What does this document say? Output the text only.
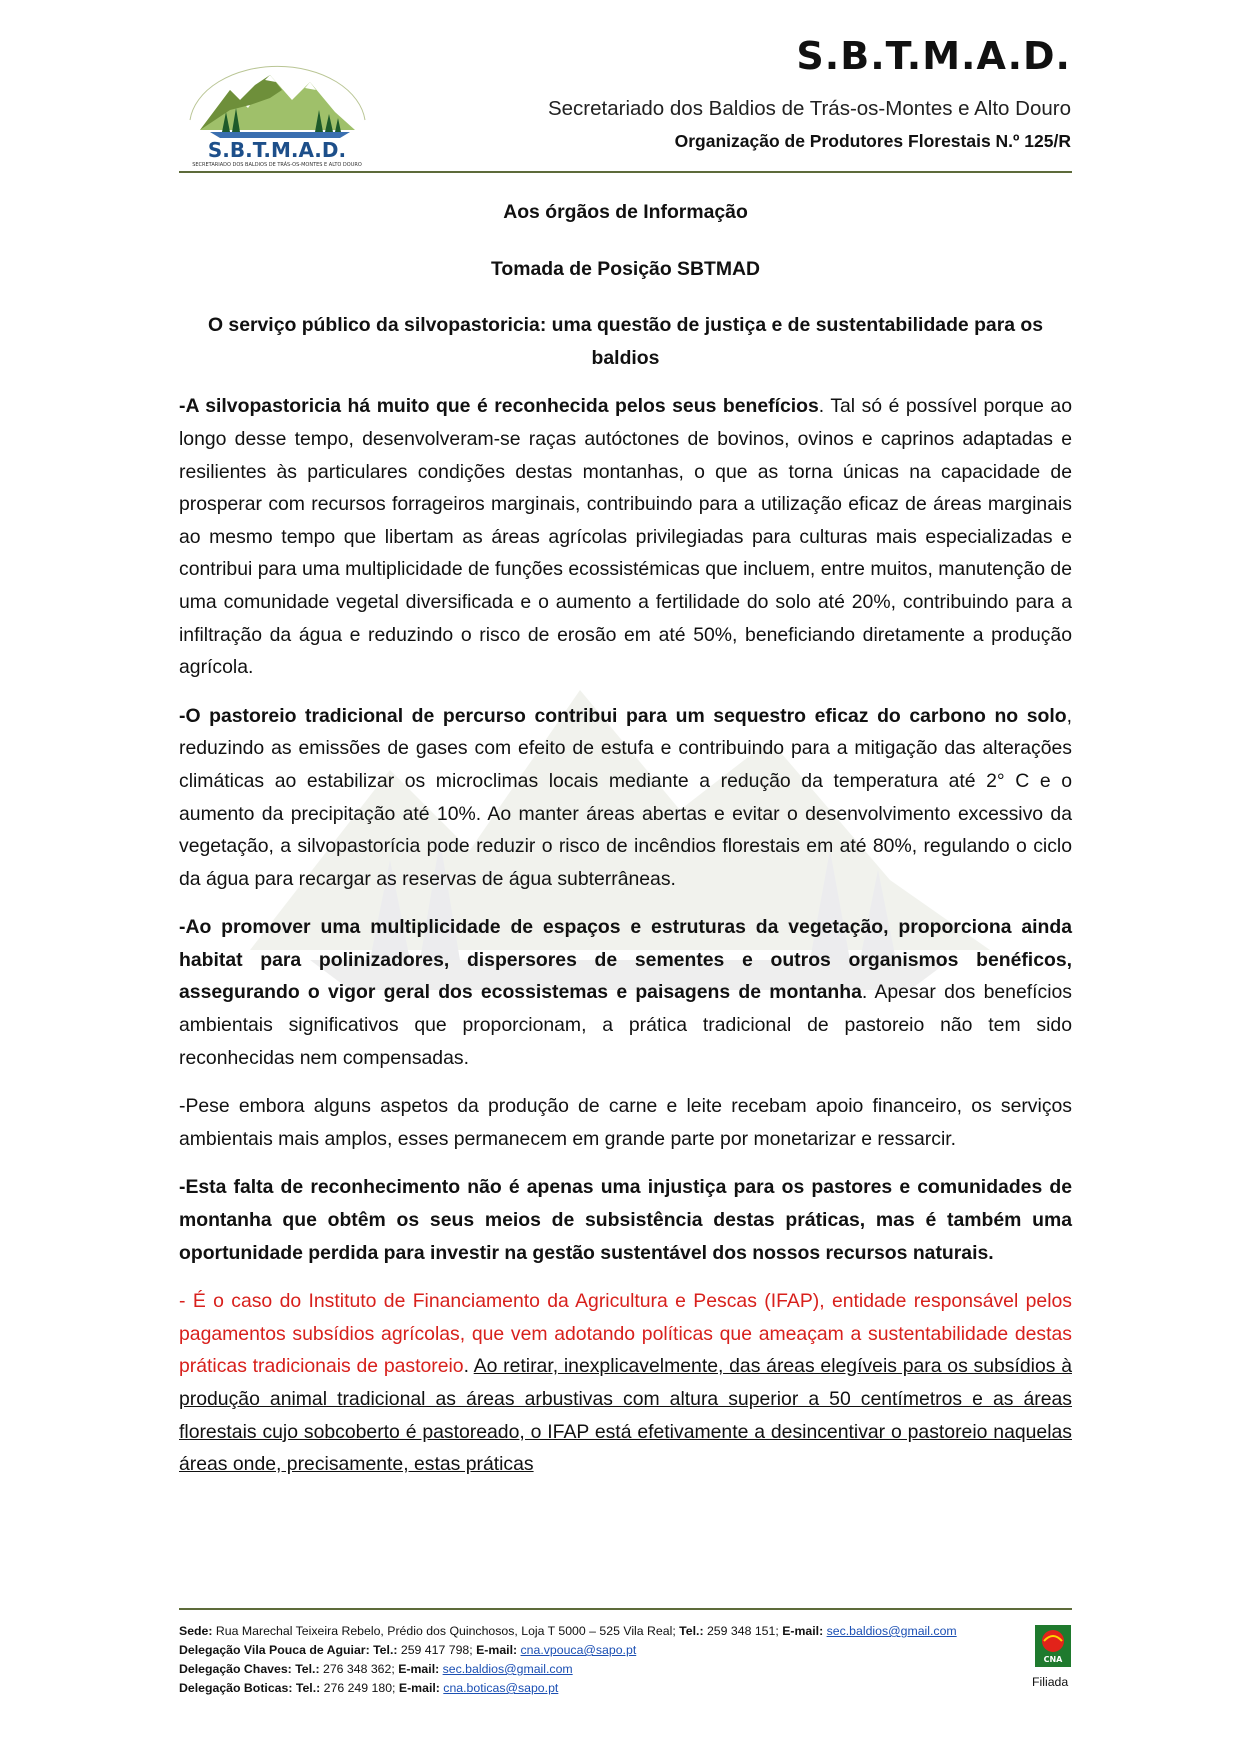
S.B.T.M.A.D.
SECRETARIADO DOS BALDIOS DE TRÁS-OS-MONTES E ALTO DOURO
S.B.T.M.A.D.

Secretariado dos Baldios de Trás-os-Montes e Alto Douro

Organização de Produtores Florestais N.º 125/R

Aos órgãos de Informação

Tomada de Posição SBTMAD

O serviço público da silvopastoricia: uma questão de justiça e de sustentabilidade para os baldios

-A silvopastoricia há muito que é reconhecida pelos seus benefícios. Tal só é possível porque ao longo desse tempo, desenvolveram-se raças autóctones de bovinos, ovinos e caprinos adaptadas e resilientes às particulares condições destas montanhas, o que as torna únicas na capacidade de prosperar com recursos forrageiros marginais, contribuindo para a utilização eficaz de áreas marginais ao mesmo tempo que libertam as áreas agrícolas privilegiadas para culturas mais especializadas e contribui para uma multiplicidade de funções ecossistémicas que incluem, entre muitos, manutenção de uma comunidade vegetal diversificada e o aumento a fertilidade do solo até 20%, contribuindo para a infiltração da água e reduzindo o risco de erosão em até 50%, beneficiando diretamente a produção agrícola.

-O pastoreio tradicional de percurso contribui para um sequestro eficaz do carbono no solo, reduzindo as emissões de gases com efeito de estufa e contribuindo para a mitigação das alterações climáticas ao estabilizar os microclimas locais mediante a redução da temperatura até 2° C e o aumento da precipitação até 10%. Ao manter áreas abertas e evitar o desenvolvimento excessivo da vegetação, a silvopastorícia pode reduzir o risco de incêndios florestais em até 80%, regulando o ciclo da água para recargar as reservas de água subterrâneas.

-Ao promover uma multiplicidade de espaços e estruturas da vegetação, proporciona ainda habitat para polinizadores, dispersores de sementes e outros organismos benéficos, assegurando o vigor geral dos ecossistemas e paisagens de montanha. Apesar dos benefícios ambientais significativos que proporcionam, a prática tradicional de pastoreio não tem sido reconhecidas nem compensadas.

-Pese embora alguns aspetos da produção de carne e leite recebam apoio financeiro, os serviços ambientais mais amplos, esses permanecem em grande parte por monetarizar e ressarcir.

-Esta falta de reconhecimento não é apenas uma injustiça para os pastores e comunidades de montanha que obtêm os seus meios de subsistência destas práticas, mas é também uma oportunidade perdida para investir na gestão sustentável dos nossos recursos naturais.

- É o caso do Instituto de Financiamento da Agricultura e Pescas (IFAP), entidade responsável pelos pagamentos subsídios agrícolas, que vem adotando políticas que ameaçam a sustentabilidade destas práticas tradicionais de pastoreio. Ao retirar, inexplicavelmente, das áreas elegíveis para os subsídios à produção animal tradicional as áreas arbustivas com altura superior a 50 centímetros e as áreas florestais cujo sobcoberto é pastoreado, o IFAP está efetivamente a desincentivar o pastoreio naquelas áreas onde, precisamente, estas práticas

Sede: Rua Marechal Teixeira Rebelo, Prédio dos Quinchosos, Loja T 5000 – 525 Vila Real; Tel.: 259 348 151; E-mail: sec.baldios@gmail.com
Delegação Vila Pouca de Aguiar: Tel.: 259 417 798; E-mail: cna.vpouca@sapo.pt
Delegação Chaves: Tel.: 276 348 362; E-mail: sec.baldios@gmail.com
Delegação Boticas: Tel.: 276 249 180; E-mail: cna.boticas@sapo.pt
CNA
Filiada
